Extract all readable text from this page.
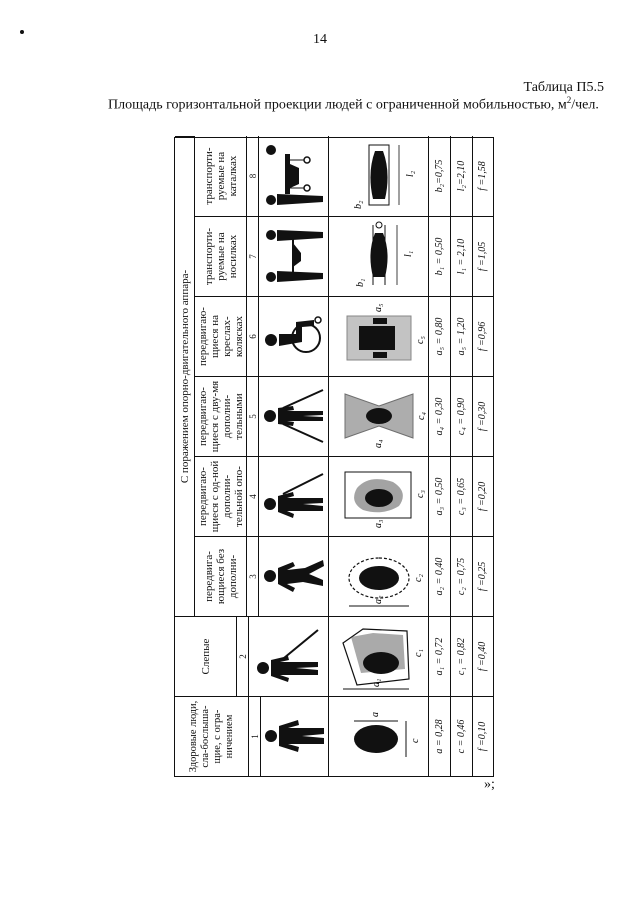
14
Таблица П5.5
Площадь горизонтальной проекции людей с ограниченной мобильностью, $м^2$/чел.
С поражением опорно-двигательного аппара-
Здоровые люди, сла-бослыша-щие, с огра-ничением
Слепые
передвига-ющиеся без дополни-
передвигаю-щиеся с од-ной дополни-тельной опо-
передвигаю-щиеся с дву-мя дополни-тельными
передвигаю-щиеся на креслах-колясках
транспорти-руемые на носилках
транспорти-руемые на каталках
1
2
3
4
5
6
7
8
a
c
a₁
c₁
a₂
c₂
a₃
c₃
a₄
c₄
a₅
c₅
l₁
b₁
l₂
b₂
a = 0,28
a₁ = 0,72
a₂ = 0,40
a₃ = 0,50
a₄ = 0,30
a₅ = 0,80
b₁ = 0,50
b₂=0,75
c = 0,46
c₁ = 0,82
c₂ = 0,75
c₃ = 0,65
c₄ = 0,90
a₅ = 1,20
l₁ = 2,10
l₂=2,10
f =0,10
f =0,40
f =0,25
f =0,20
f =0,30
f =0,96
f =1,05
f =1,58
»;
